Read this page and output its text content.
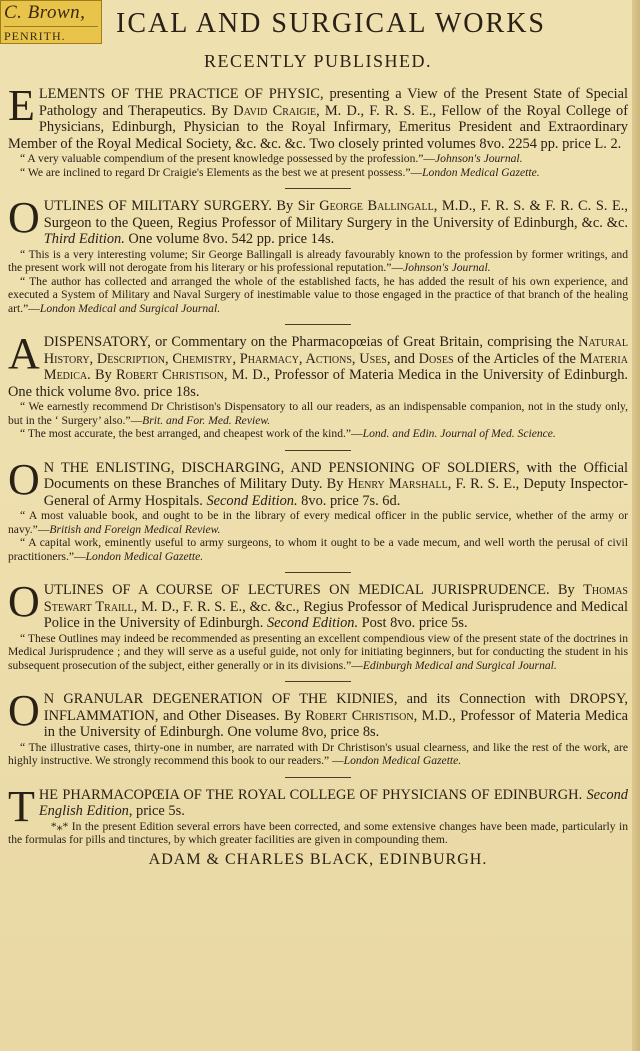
C. Brown,
PENRITH.	ICAL AND SURGICAL WORKS
RECENTLY PUBLISHED.

ELEMENTS OF THE PRACTICE OF PHYSIC, presenting a View of the Present State of Special Pathology and Therapeutics. By David Craigie, M. D., F. R. S. E., Fellow of the Royal College of Physicians, Edinburgh, Physician to the Royal Infirmary, Emeritus President and Extraordinary Member of the Royal Medical Society, &c. &c. &c. Two closely printed volumes 8vo. 2254 pp. price L. 2.

“ A very valuable compendium of the present knowledge possessed by the profession.”—Johnson's Journal.

“ We are inclined to regard Dr Craigie's Elements as the best we at present possess.”—London Medical Gazette.

OUTLINES OF MILITARY SURGERY. By Sir George Ballingall, M.D., F. R. S. & F. R. C. S. E., Surgeon to the Queen, Regius Professor of Military Surgery in the University of Edinburgh, &c. &c. Third Edition. One volume 8vo. 542 pp. price 14s.

“ This is a very interesting volume; Sir George Ballingall is already favourably known to the profession by former writings, and the present work will not derogate from his literary or his professional reputation.”—Johnson's Journal.

“ The author has collected and arranged the whole of the established facts, he has added the result of his own experience, and executed a System of Military and Naval Surgery of inestimable value to those engaged in the practice of that branch of the healing art.”—London Medical and Surgical Journal.

A DISPENSATORY, or Commentary on the Pharmacopœias of Great Britain, comprising the Natural History, Description, Chemistry, Pharmacy, Actions, Uses, and Doses of the Articles of the Materia Medica. By Robert Christison, M. D., Professor of Materia Medica in the University of Edinburgh. One thick volume 8vo. price 18s.

“ We earnestly recommend Dr Christison's Dispensatory to all our readers, as an indispensable companion, not in the study only, but in the ‘ Surgery’ also.”—Brit. and For. Med. Review.

“ The most accurate, the best arranged, and cheapest work of the kind.”—Lond. and Edin. Journal of Med. Science.

O N THE ENLISTING, DISCHARGING, AND PENSIONING OF SOLDIERS, with the Official Documents on these Branches of Military Duty. By Henry Marshall, F. R. S. E., Deputy Inspector-General of Army Hospitals. Second Edition. 8vo. price 7s. 6d.

“ A most valuable book, and ought to be in the library of every medical officer in the public service, whether of the army or navy.”—British and Foreign Medical Review.

“ A capital work, eminently useful to army surgeons, to whom it ought to be a vade mecum, and well worth the perusal of civil practitioners.”—London Medical Gazette.

OUTLINES OF A COURSE OF LECTURES ON MEDICAL JURISPRUDENCE. By Thomas Stewart Traill, M. D., F. R. S. E., &c. &c., Regius Professor of Medical Jurisprudence and Medical Police in the University of Edinburgh. Second Edition. Post 8vo. price 5s.

“ These Outlines may indeed be recommended as presenting an excellent compendious view of the present state of the doctrines in Medical Jurisprudence ; and they will serve as a useful guide, not only for initiating beginners, but for conducting the student in his subsequent prosecution of the subject, either generally or in its divisions.”—Edinburgh Medical and Surgical Journal.

O N GRANULAR DEGENERATION OF THE KIDNIES, and its Connection with DROPSY, INFLAMMATION, and Other Diseases. By Robert Christison, M.D., Professor of Materia Medica in the University of Edinburgh. One volume 8vo, price 8s.

“ The illustrative cases, thirty-one in number, are narrated with Dr Christison's usual clearness, and like the rest of the work, are highly instructive. We strongly recommend this book to our readers.” —London Medical Gazette.

THE PHARMACOPŒIA OF THE ROYAL COLLEGE OF PHYSICIANS OF EDINBURGH. Second English Edition, price 5s.

*⁎* In the present Edition several errors have been corrected, and some extensive changes have been made, particularly in the formulas for pills and tinctures, by which greater facilities are given in compounding them.

ADAM & CHARLES BLACK, EDINBURGH.
